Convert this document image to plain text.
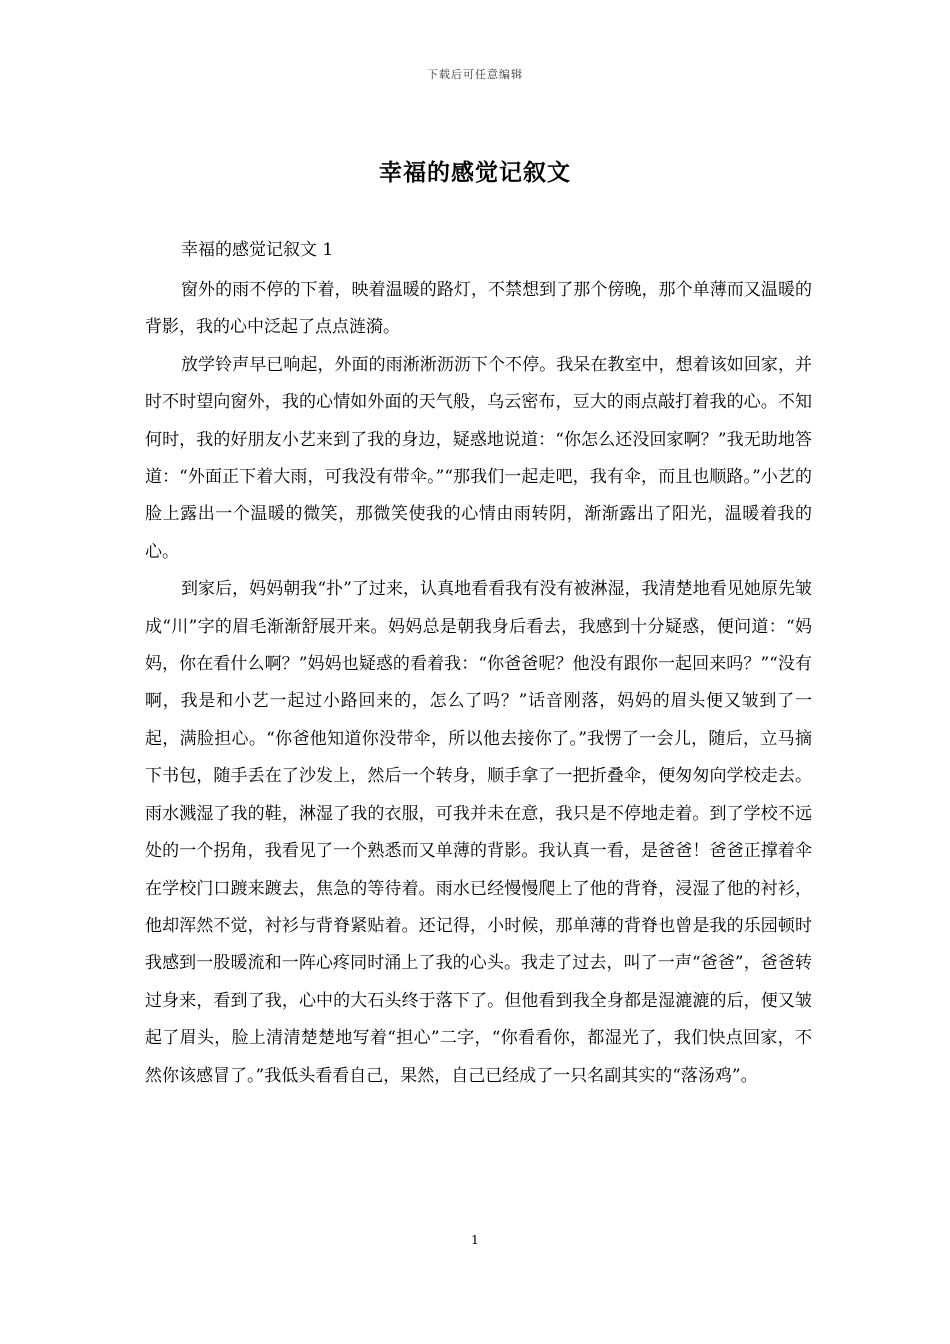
下载后可任意编辑
幸福的感觉记叙文
幸福的感觉记叙文 1

窗外的雨不停的下着，映着温暖的路灯，不禁想到了那个傍晚，那个单薄而又温暖的背影，我的心中泛起了点点涟漪。

放学铃声早已响起，外面的雨淅淅沥沥下个不停。我呆在教室中，想着该如回家，并时不时望向窗外，我的心情如外面的天气般，乌云密布，豆大的雨点敲打着我的心。不知何时，我的好朋友小艺来到了我的身边，疑惑地说道：“你怎么还没回家啊？”我无助地答道：“外面正下着大雨，可我没有带伞。”“那我们一起走吧，我有伞，而且也顺路。”小艺的脸上露出一个温暖的微笑，那微笑使我的心情由雨转阴，渐渐露出了阳光，温暖着我的心。

到家后，妈妈朝我“扑”了过来，认真地看看我有没有被淋湿，我清楚地看见她原先皱成“川”字的眉毛渐渐舒展开来。妈妈总是朝我身后看去，我感到十分疑惑，便问道：“妈妈，你在看什么啊？”妈妈也疑惑的看着我：“你爸爸呢？他没有跟你一起回来吗？”“没有啊，我是和小艺一起过小路回来的，怎么了吗？”话音刚落，妈妈的眉头便又皱到了一起，满脸担心。“你爸他知道你没带伞，所以他去接你了。”我愣了一会儿，随后，立马摘下书包，随手丢在了沙发上，然后一个转身，顺手拿了一把折叠伞，便匆匆向学校走去。雨水溅湿了我的鞋，淋湿了我的衣服，可我并未在意，我只是不停地走着。到了学校不远处的一个拐角，我看见了一个熟悉而又单薄的背影。我认真一看，是爸爸！爸爸正撑着伞在学校门口踱来踱去，焦急的等待着。雨水已经慢慢爬上了他的背脊，浸湿了他的衬衫，他却浑然不觉，衬衫与背脊紧贴着。还记得，小时候，那单薄的背脊也曾是我的乐园顿时我感到一股暖流和一阵心疼同时涌上了我的心头。我走了过去，叫了一声“爸爸”，爸爸转过身来，看到了我，心中的大石头终于落下了。但他看到我全身都是湿漉漉的后，便又皱起了眉头，脸上清清楚楚地写着“担心”二字，“你看看你，都湿光了，我们快点回家，不然你该感冒了。”我低头看看自己，果然，自己已经成了一只名副其实的“落汤鸡”。

1
